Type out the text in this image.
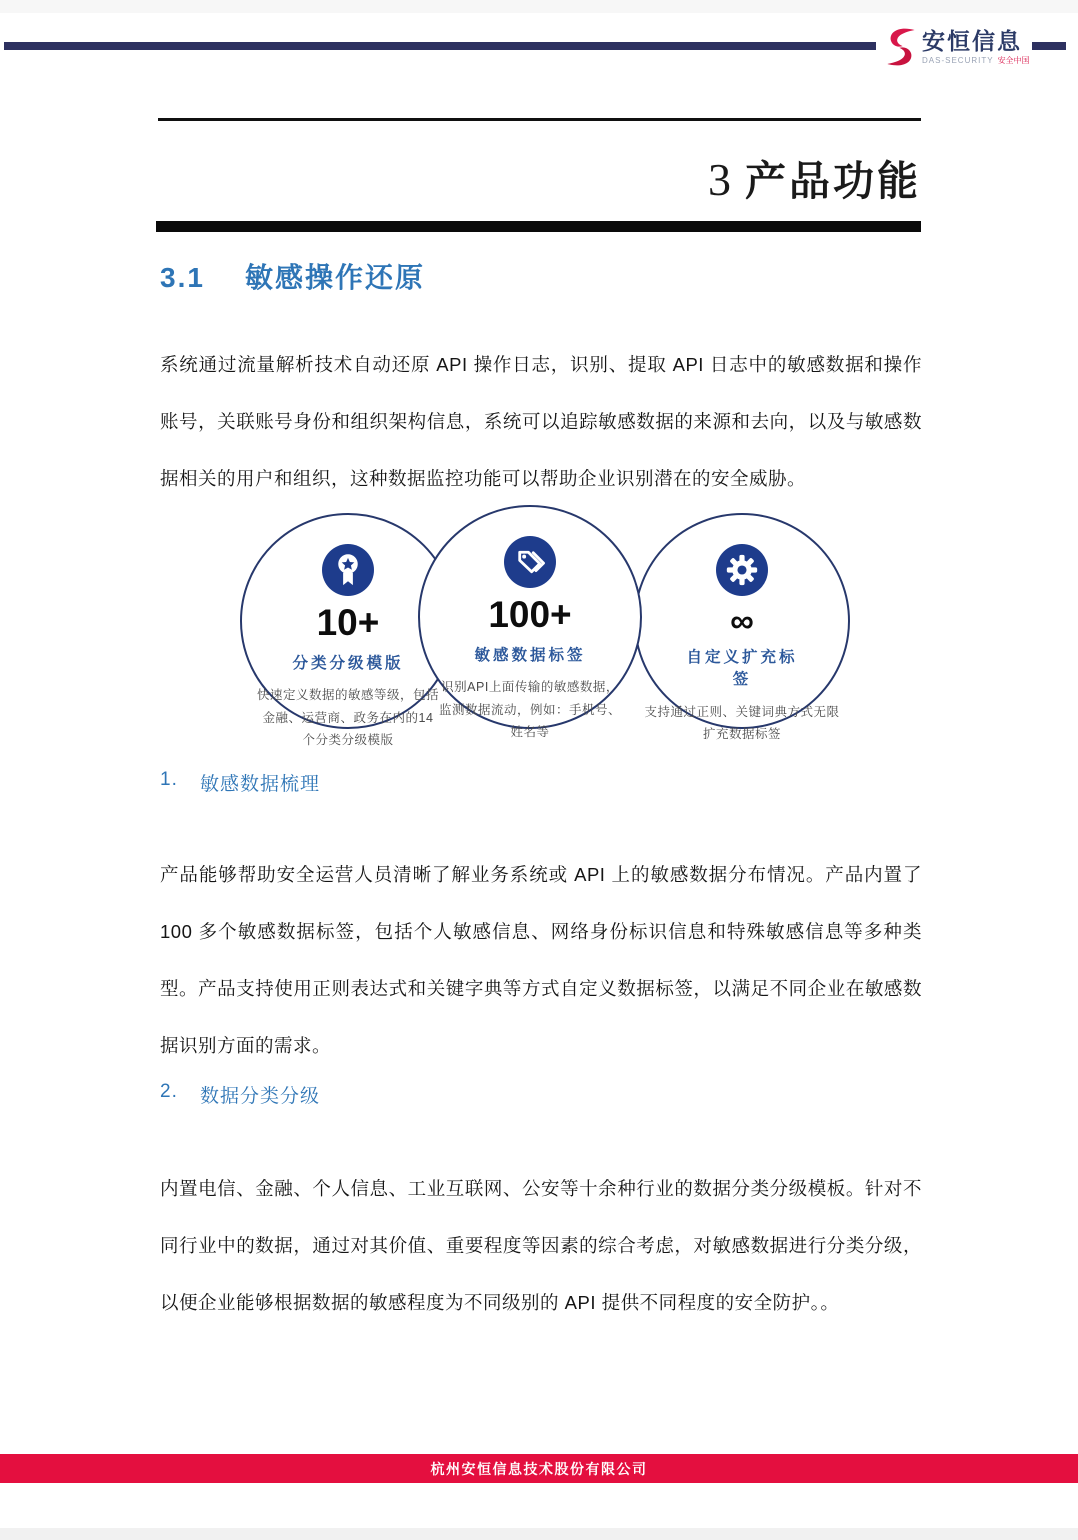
安恒信息
DAS-SECURITY 安全中国
3 产品功能
3.1 敏感操作还原

系统通过流量解析技术自动还原 API 操作日志，识别、提取 API 日志中的敏感数据和操作账号，关联账号身份和组织架构信息，系统可以追踪敏感数据的来源和去向，以及与敏感数据相关的用户和组织，这种数据监控功能可以帮助企业识别潜在的安全威胁。

10+
分类分级模版
快速定义数据的敏感等级，包括金融、运营商、政务在内的14个分类分级模版
100+
敏感数据标签
识别API上面传输的敏感数据，监测数据流动，例如：手机号、姓名等
∞
自定义扩充标签
支持通过正则、关键词典方式无限扩充数据标签
1.	敏感数据梳理

产品能够帮助安全运营人员清晰了解业务系统或 API 上的敏感数据分布情况。产品内置了 100 多个敏感数据标签，包括个人敏感信息、网络身份标识信息和特殊敏感信息等多种类型。产品支持使用正则表达式和关键字典等方式自定义数据标签，以满足不同企业在敏感数据识别方面的需求。

2.	数据分类分级

内置电信、金融、个人信息、工业互联网、公安等十余种行业的数据分类分级模板。针对不同行业中的数据，通过对其价值、重要程度等因素的综合考虑，对敏感数据进行分类分级，以便企业能够根据数据的敏感程度为不同级别的 API 提供不同程度的安全防护。。

杭州安恒信息技术股份有限公司
